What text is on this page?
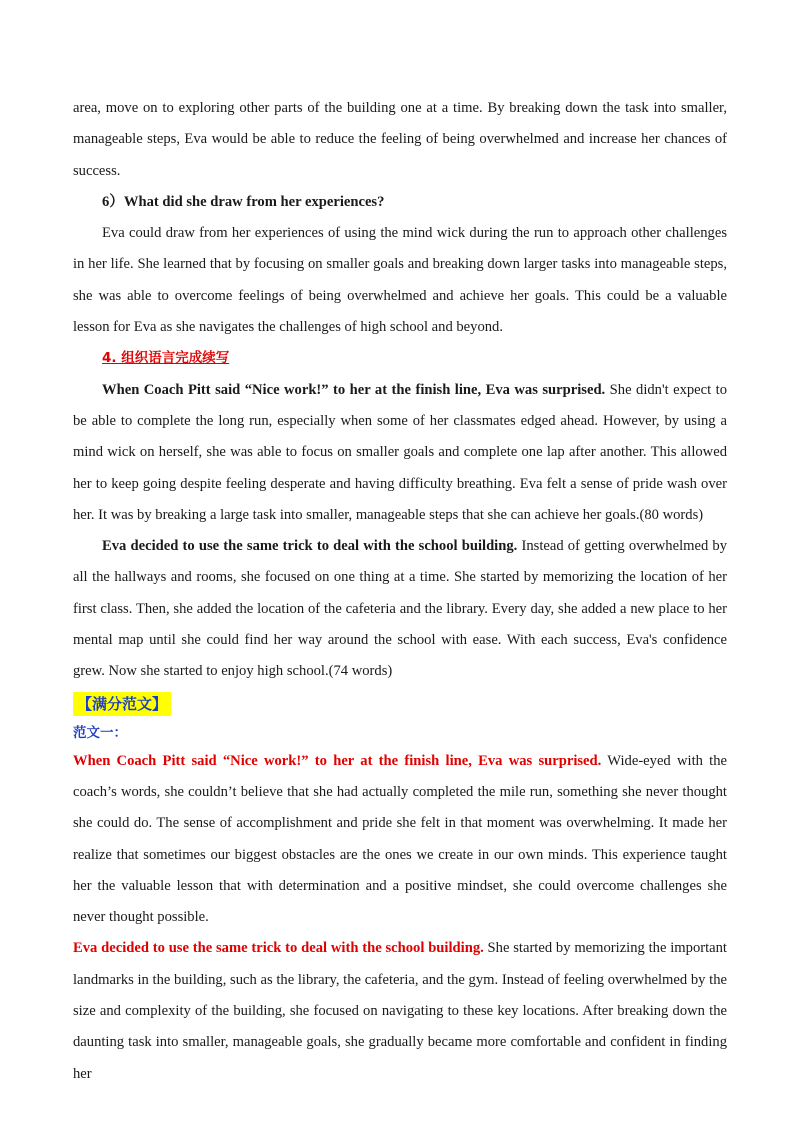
area, move on to exploring other parts of the building one at a time. By breaking down the task into smaller, manageable steps, Eva would be able to reduce the feeling of being overwhelmed and increase her chances of success.

6）What did she draw from her experiences?

Eva could draw from her experiences of using the mind wick during the run to approach other challenges in her life. She learned that by focusing on smaller goals and breaking down larger tasks into manageable steps, she was able to overcome feelings of being overwhelmed and achieve her goals. This could be a valuable lesson for Eva as she navigates the challenges of high school and beyond.

4. 组织语言完成续写

When Coach Pitt said “Nice work!” to her at the finish line, Eva was surprised. She didn't expect to be able to complete the long run, especially when some of her classmates edged ahead. However, by using a mind wick on herself, she was able to focus on smaller goals and complete one lap after another. This allowed her to keep going despite feeling desperate and having difficulty breathing. Eva felt a sense of pride wash over her. It was by breaking a large task into smaller, manageable steps that she can achieve her goals.(80 words)

Eva decided to use the same trick to deal with the school building. Instead of getting overwhelmed by all the hallways and rooms, she focused on one thing at a time. She started by memorizing the location of her first class. Then, she added the location of the cafeteria and the library. Every day, she added a new place to her mental map until she could find her way around the school with ease. With each success, Eva's confidence grew. Now she started to enjoy high school.(74 words)

【满分范文】
范文一：

When Coach Pitt said “Nice work!” to her at the finish line, Eva was surprised. Wide-eyed with the coach’s words, she couldn’t believe that she had actually completed the mile run, something she never thought she could do. The sense of accomplishment and pride she felt in that moment was overwhelming. It made her realize that sometimes our biggest obstacles are the ones we create in our own minds. This experience taught her the valuable lesson that with determination and a positive mindset, she could overcome challenges she never thought possible.

Eva decided to use the same trick to deal with the school building. She started by memorizing the important landmarks in the building, such as the library, the cafeteria, and the gym. Instead of feeling overwhelmed by the size and complexity of the building, she focused on navigating to these key locations. After breaking down the daunting task into smaller, manageable goals, she gradually became more comfortable and confident in finding her
